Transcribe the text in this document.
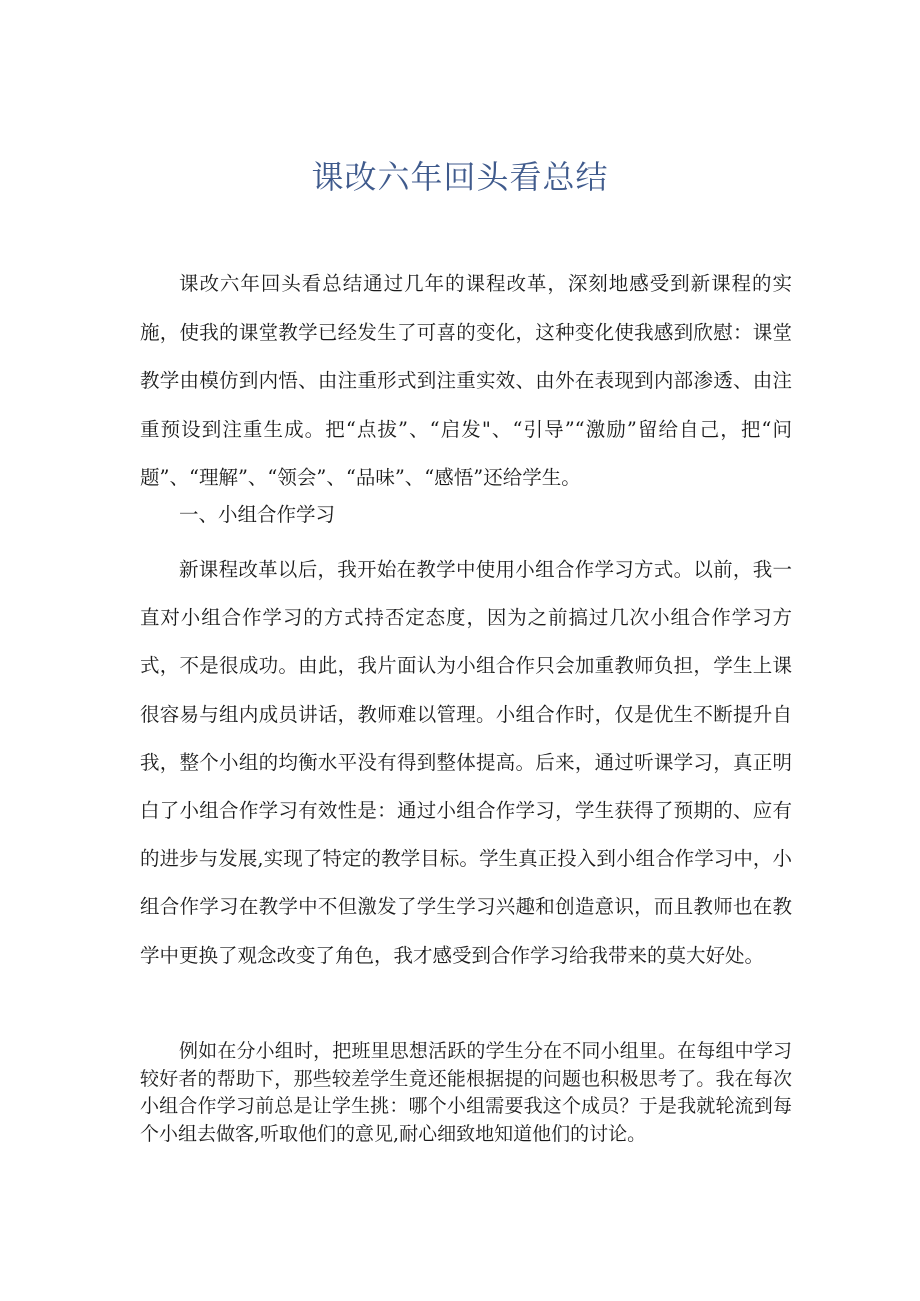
课改六年回头看总结

课改六年回头看总结通过几年的课程改革，深刻地感受到新课程的实施，使我的课堂教学已经发生了可喜的变化，这种变化使我感到欣慰：课堂教学由模仿到内悟、由注重形式到注重实效、由外在表现到内部渗透、由注重预设到注重生成。把“点拔”、“启发"、“引导”“激励”留给自己，把“问题”、“理解”、“领会”、“品味”、“感悟”还给学生。

一、小组合作学习

新课程改革以后，我开始在教学中使用小组合作学习方式。以前，我一直对小组合作学习的方式持否定态度，因为之前搞过几次小组合作学习方式，不是很成功。由此，我片面认为小组合作只会加重教师负担，学生上课很容易与组内成员讲话，教师难以管理。小组合作时，仅是优生不断提升自我，整个小组的均衡水平没有得到整体提高。后来，通过听课学习，真正明白了小组合作学习有效性是：通过小组合作学习，学生获得了预期的、应有的进步与发展,实现了特定的教学目标。学生真正投入到小组合作学习中，小组合作学习在教学中不但激发了学生学习兴趣和创造意识，而且教师也在教学中更换了观念改变了角色，我才感受到合作学习给我带来的莫大好处。

例如在分小组时，把班里思想活跃的学生分在不同小组里。在每组中学习较好者的帮助下，那些较差学生竟还能根据提的问题也积极思考了。我在每次小组合作学习前总是让学生挑：哪个小组需要我这个成员？于是我就轮流到每个小组去做客,听取他们的意见,耐心细致地知道他们的讨论。
